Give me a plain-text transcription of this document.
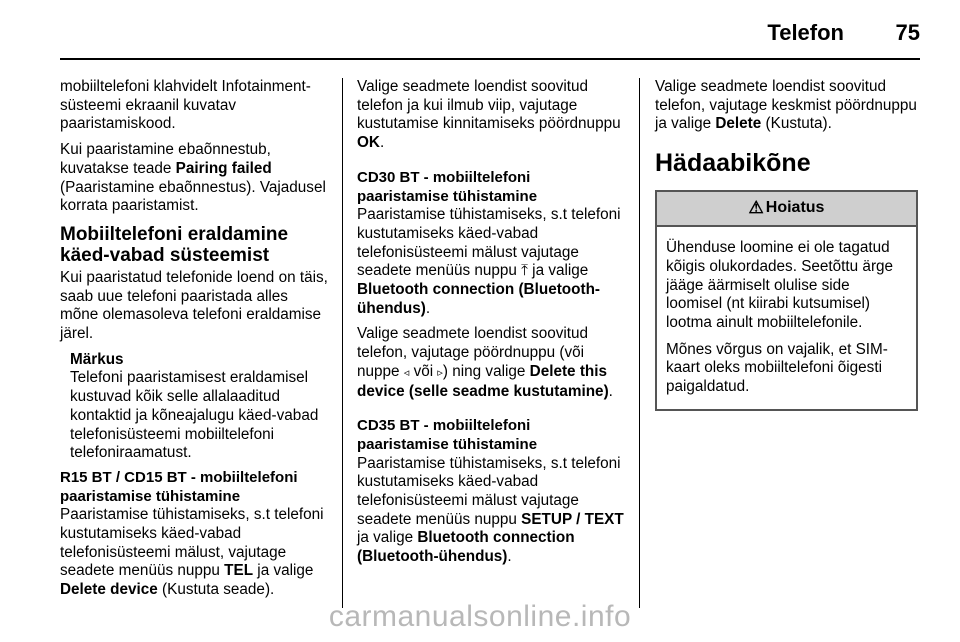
Telefon 75

mobiiltelefoni klahvidelt Infotainment-süsteemi ekraanil kuvatav paaristamiskood.

Kui paaristamine ebaõnnestub, kuvatakse teade Pairing failed (Paaristamine ebaõnnestus). Vajadusel korrata paaristamist.

Mobiiltelefoni eraldamine käed-vabad süsteemist

Kui paaristatud telefonide loend on täis, saab uue telefoni paaristada alles mõne olemasoleva telefoni eraldamise järel.

Märkus
Telefoni paaristamisest eraldamisel kustuvad kõik selle allalaaditud kontaktid ja kõneajalugu käed-vabad telefonisüsteemi mobiiltelefoni telefoniraamatust.
R15 BT / CD15 BT - mobiiltelefoni paaristamise tühistamine

Paaristamise tühistamiseks, s.t telefoni kustutamiseks käed-vabad telefonisüsteemi mälust, vajutage seadete menüüs nuppu TEL ja valige Delete device (Kustuta seade).

Valige seadmete loendist soovitud telefon ja kui ilmub viip, vajutage kustutamise kinnitamiseks pöördnuppu OK.

CD30 BT - mobiiltelefoni paaristamise tühistamine

Paaristamise tühistamiseks, s.t telefoni kustutamiseks käed-vabad telefonisüsteemi mälust vajutage seadete menüüs nuppu ⤒ ja valige Bluetooth connection (Bluetooth-ühendus).

Valige seadmete loendist soovitud telefon, vajutage pöördnuppu (või nuppe ◃ või ▹) ning valige Delete this device (selle seadme kustutamine).

CD35 BT - mobiiltelefoni paaristamise tühistamine

Paaristamise tühistamiseks, s.t telefoni kustutamiseks käed-vabad telefonisüsteemi mälust vajutage seadete menüüs nuppu SETUP / TEXT ja valige Bluetooth connection (Bluetooth-ühendus).

Valige seadmete loendist soovitud telefon, vajutage keskmist pöördnuppu ja valige Delete (Kustuta).

Hädaabikõne
⚠ Hoiatus

Ühenduse loomine ei ole tagatud kõigis olukordades. Seetõttu ärge jääge äärmiselt olulise side loomisel (nt kiirabi kutsumisel) lootma ainult mobiiltelefonile.

Mõnes võrgus on vajalik, et SIM-kaart oleks mobiiltelefoni õigesti paigaldatud.

carmanualsonline.info
